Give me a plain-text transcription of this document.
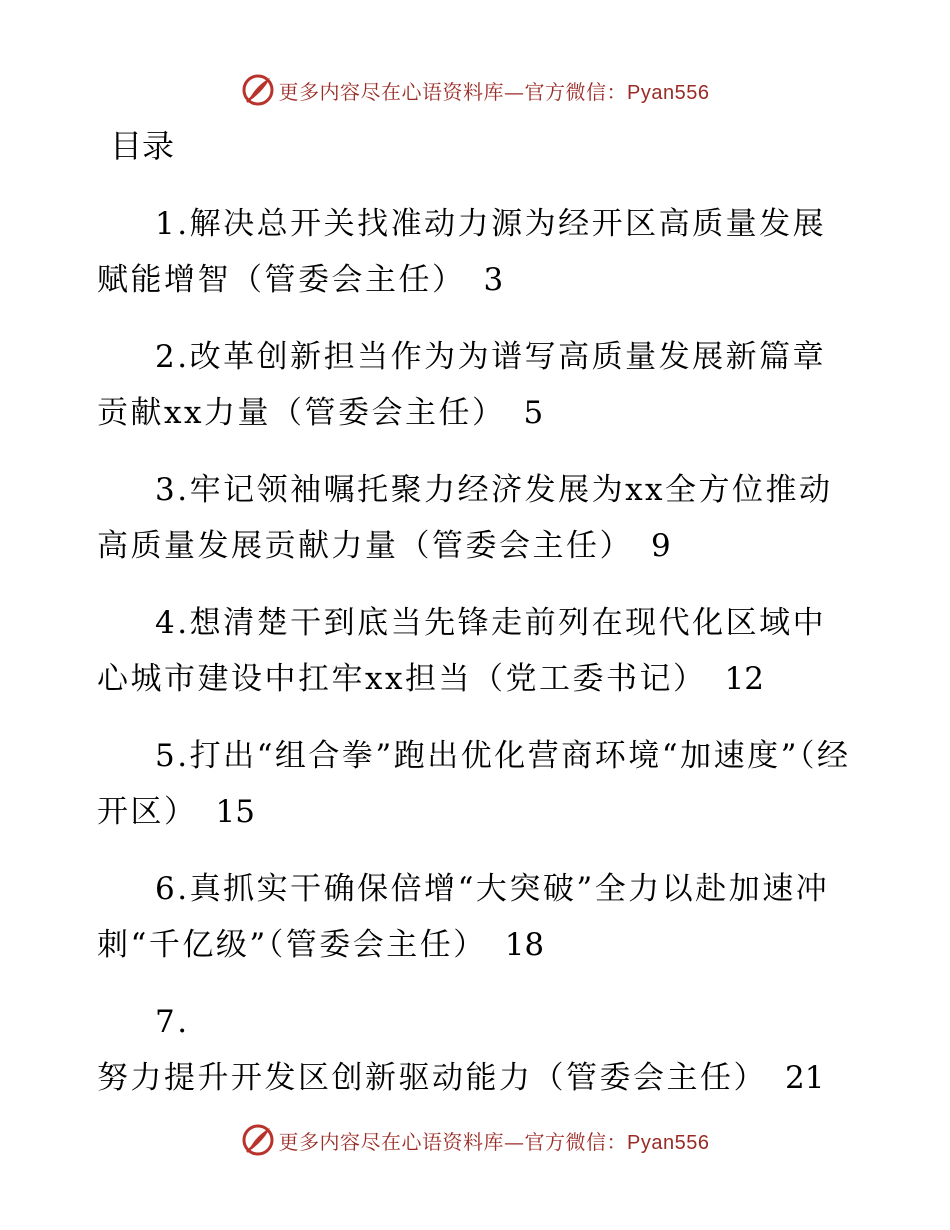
更多内容尽在心语资料库—官方微信：Pyan556
目录
1.解决总开关找准动力源为经开区高质量发展赋能增智（管委会主任） 3
2.改革创新担当作为为谱写高质量发展新篇章贡献xx力量（管委会主任） 5
3.牢记领袖嘱托聚力经济发展为xx全方位推动高质量发展贡献力量（管委会主任） 9
4.想清楚干到底当先锋走前列在现代化区域中心城市建设中扛牢xx担当（党工委书记） 12
5.打出“组合拳”跑出优化营商环境“加速度”（经开区） 15
6.真抓实干确保倍增“大突破”全力以赴加速冲刺“千亿级”（管委会主任） 18
7.努力提升开发区创新驱动能力（管委会主任） 21
更多内容尽在心语资料库—官方微信：Pyan556
